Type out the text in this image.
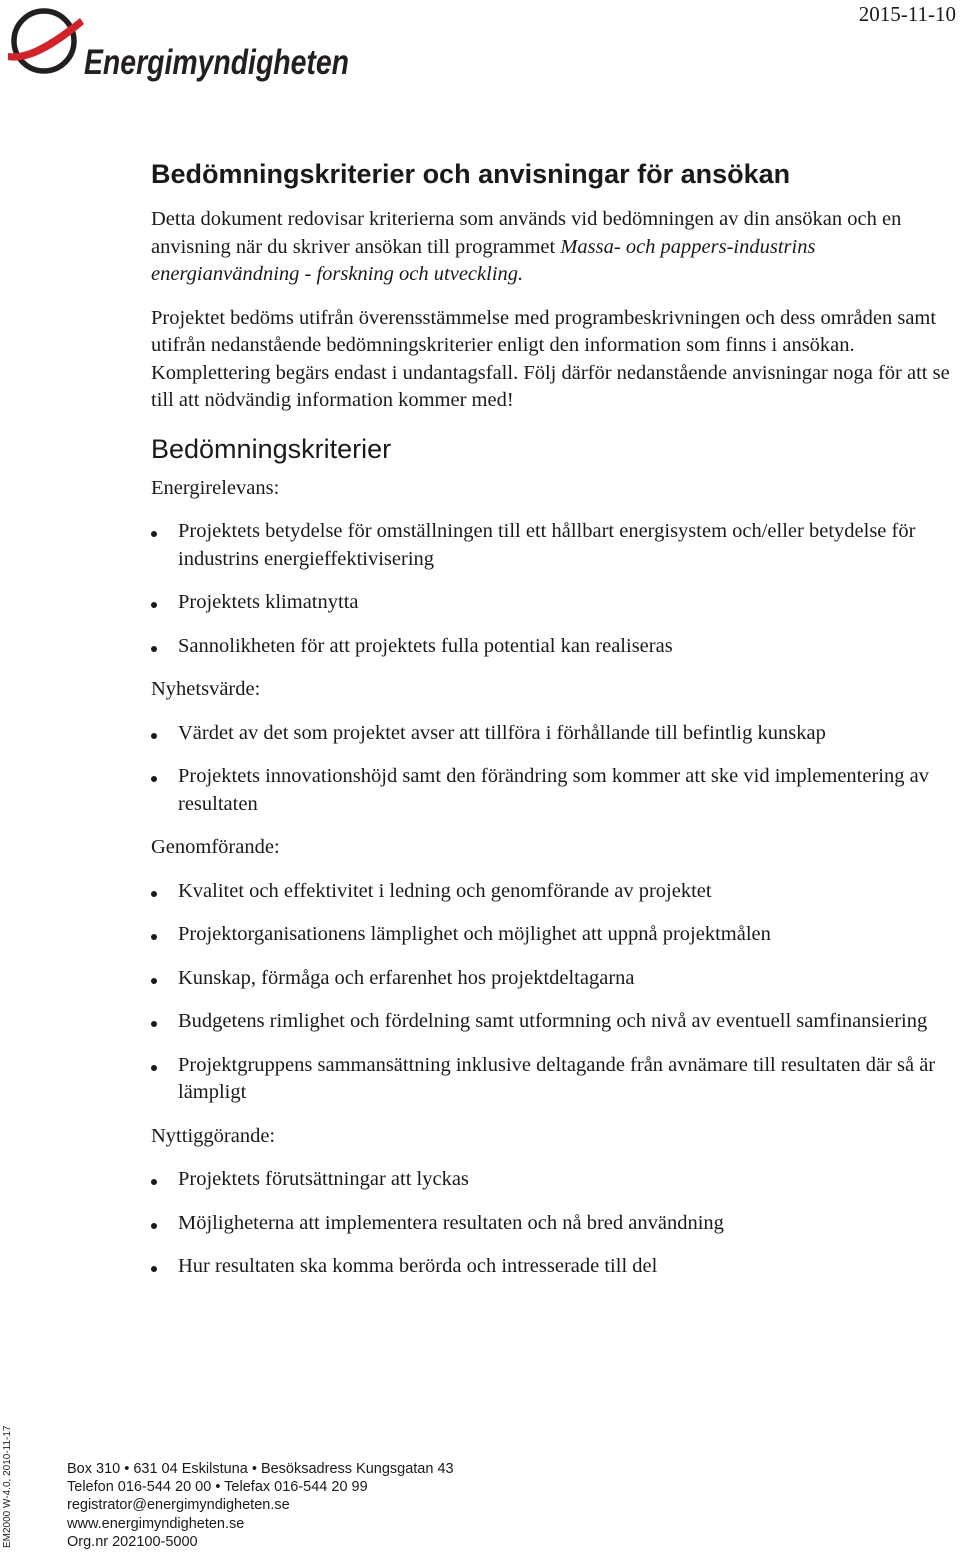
Energimyndigheten
2015-11-10
Bedömningskriterier och anvisningar för ansökan

Detta dokument redovisar kriterierna som används vid bedömningen av din ansökan och en anvisning när du skriver ansökan till programmet Massa- och pappers-industrins energianvändning - forskning och utveckling.

Projektet bedöms utifrån överensstämmelse med programbeskrivningen och dess områden samt utifrån nedanstående bedömningskriterier enligt den information som finns i ansökan. Komplettering begärs endast i undantagsfall. Följ därför nedanstående anvisningar noga för att se till att nödvändig information kommer med!

Bedömningskriterier
Energirelevans:
Projektets betydelse för omställningen till ett hållbart energisystem och/eller betydelse för industrins energieffektivisering
Projektets klimatnytta
Sannolikheten för att projektets fulla potential kan realiseras
Nyhetsvärde:
Värdet av det som projektet avser att tillföra i förhållande till befintlig kunskap
Projektets innovationshöjd samt den förändring som kommer att ske vid implementering av resultaten
Genomförande:
Kvalitet och effektivitet i ledning och genomförande av projektet
Projektorganisationens lämplighet och möjlighet att uppnå projektmålen
Kunskap, förmåga och erfarenhet hos projektdeltagarna
Budgetens rimlighet och fördelning samt utformning och nivå av eventuell samfinansiering
Projektgruppens sammansättning inklusive deltagande från avnämare till resultaten där så är lämpligt
Nyttiggörande:
Projektets förutsättningar att lyckas
Möjligheterna att implementera resultaten och nå bred användning
Hur resultaten ska komma berörda och intresserade till del
EM2000 W-4.0, 2010-11-17	Box 310 • 631 04 Eskilstuna • Besöksadress Kungsgatan 43
Telefon 016-544 20 00 • Telefax 016-544 20 99
registrator@energimyndigheten.se
www.energimyndigheten.se
Org.nr 202100-5000
